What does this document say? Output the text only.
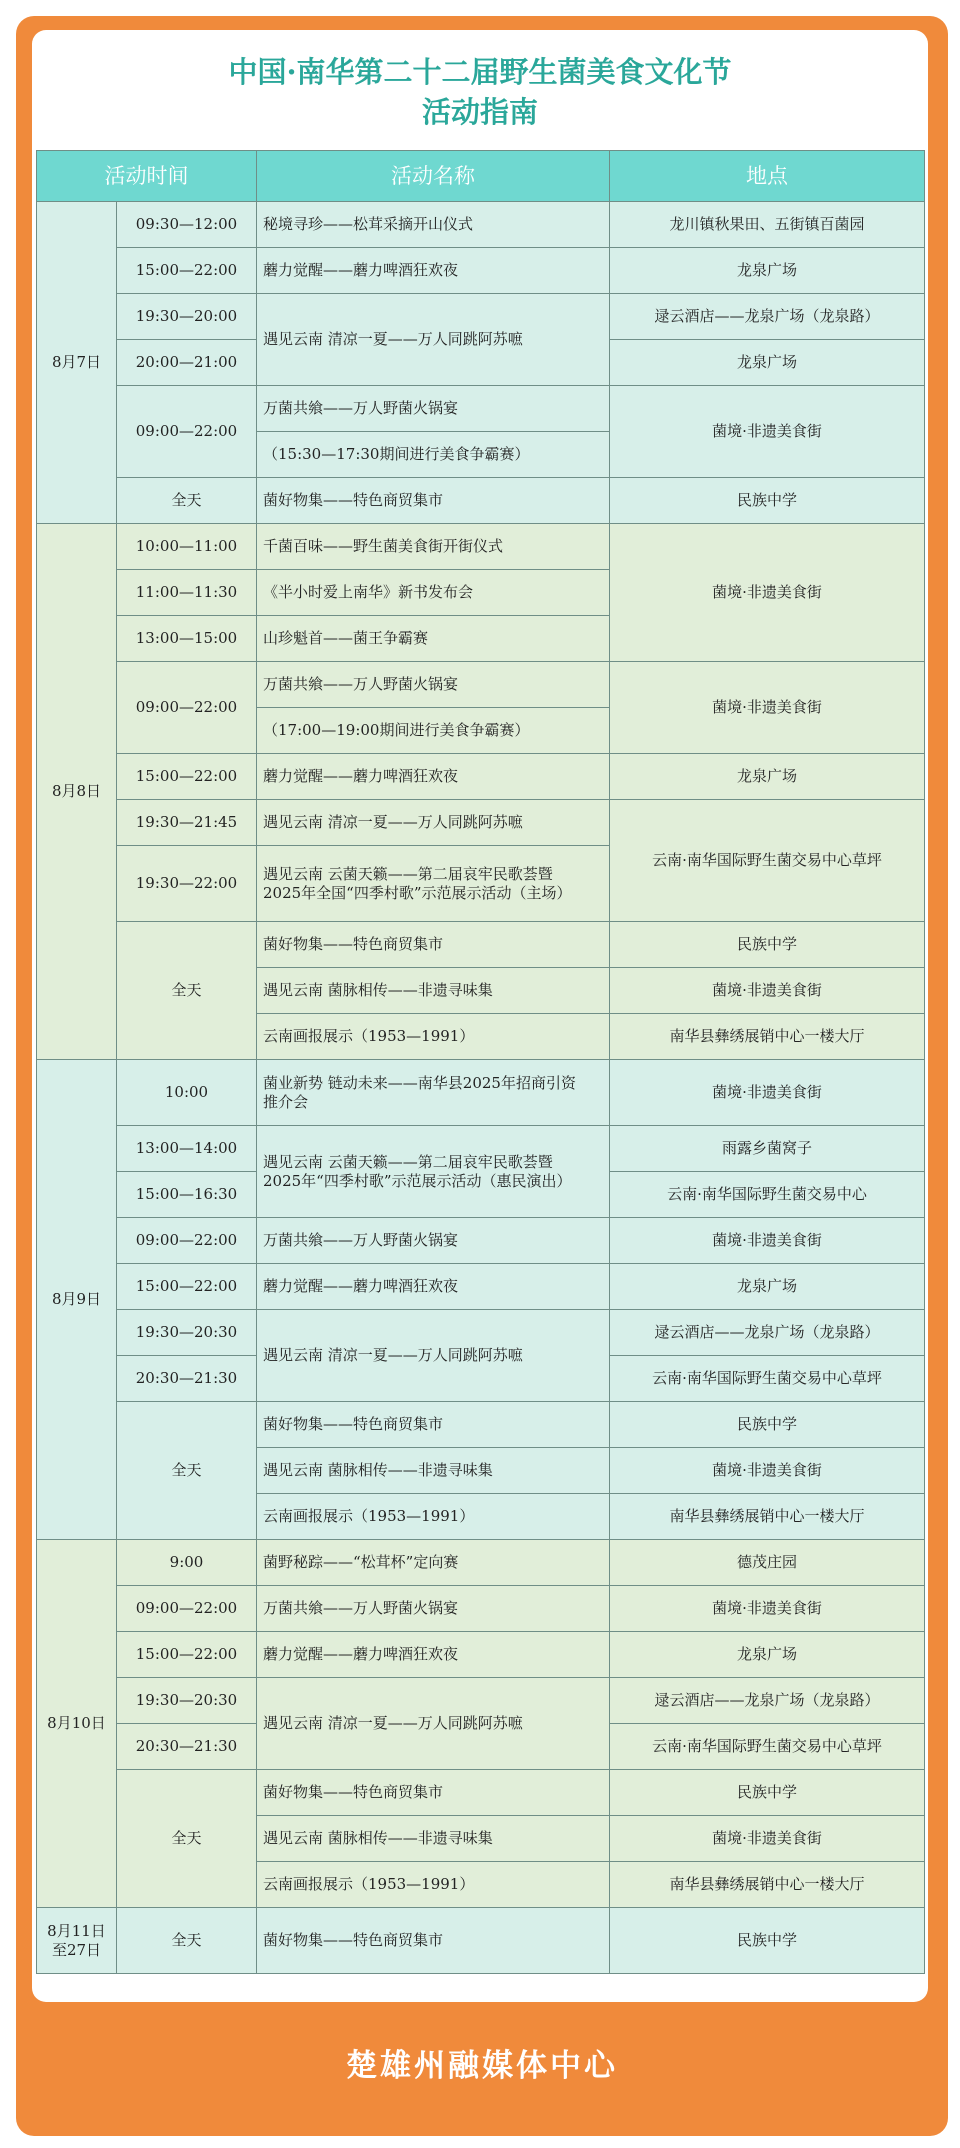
中国·南华第二十二届野生菌美食文化节
活动指南
活动时间		活动名称	地点
8月7日	09:30—12:00	秘境寻珍——松茸采摘开山仪式	龙川镇秋果田、五街镇百菌园
	15:00—22:00	蘑力觉醒——蘑力啤酒狂欢夜	龙泉广场
	19:30—20:00	遇见云南 清凉一夏——万人同跳阿苏嗻	逯云酒店——龙泉广场（龙泉路）
	20:00—21:00		龙泉广场
	09:00—22:00	万菌共飨——万人野菌火锅宴	菌境·非遗美食街
		（15:30—17:30期间进行美食争霸赛）	
	全天	菌好物集——特色商贸集市	民族中学
8月8日	10:00—11:00	千菌百味——野生菌美食街开街仪式	菌境·非遗美食街
	11:00—11:30	《半小时爱上南华》新书发布会	
	13:00—15:00	山珍魁首——菌王争霸赛	
	09:00—22:00	万菌共飨——万人野菌火锅宴	菌境·非遗美食街
		（17:00—19:00期间进行美食争霸赛）	
	15:00—22:00	蘑力觉醒——蘑力啤酒狂欢夜	龙泉广场
	19:30—21:45	遇见云南 清凉一夏——万人同跳阿苏嗻	云南·南华国际野生菌交易中心草坪
	19:30—22:00	遇见云南 云菌天籁——第二届哀牢民歌荟暨
2025年全国“四季村歌”示范展示活动（主场）	

	全天	菌好物集——特色商贸集市	民族中学
		遇见云南 菌脉相传——非遗寻味集	菌境·非遗美食街
		云南画报展示（1953—1991）	南华县彝绣展销中心一楼大厅
8月9日	10:00	菌业新势 链动未来——南华县2025年招商引资
推介会	菌境·非遗美食街
	13:00—14:00	遇见云南 云菌天籁——第二届哀牢民歌荟暨
2025年“四季村歌”示范展示活动（惠民演出）	雨露乡菌窝子
	15:00—16:30		云南·南华国际野生菌交易中心
	09:00—22:00	万菌共飨——万人野菌火锅宴	菌境·非遗美食街
	15:00—22:00	蘑力觉醒——蘑力啤酒狂欢夜	龙泉广场
	19:30—20:30	遇见云南 清凉一夏——万人同跳阿苏嗻	逯云酒店——龙泉广场（龙泉路）
	20:30—21:30		云南·南华国际野生菌交易中心草坪
	全天	菌好物集——特色商贸集市	民族中学
		遇见云南 菌脉相传——非遗寻味集	菌境·非遗美食街
		云南画报展示（1953—1991）	南华县彝绣展销中心一楼大厅
8月10日	9:00	菌野秘踪——“松茸杯”定向赛	德茂庄园
	09:00—22:00	万菌共飨——万人野菌火锅宴	菌境·非遗美食街
	15:00—22:00	蘑力觉醒——蘑力啤酒狂欢夜	龙泉广场
	19:30—20:30	遇见云南 清凉一夏——万人同跳阿苏嗻	逯云酒店——龙泉广场（龙泉路）
	20:30—21:30		云南·南华国际野生菌交易中心草坪
	全天	菌好物集——特色商贸集市	民族中学
		遇见云南 菌脉相传——非遗寻味集	菌境·非遗美食街
		云南画报展示（1953—1991）	南华县彝绣展销中心一楼大厅
8月11日至27日	全天	菌好物集——特色商贸集市	民族中学
楚雄州融媒体中心
